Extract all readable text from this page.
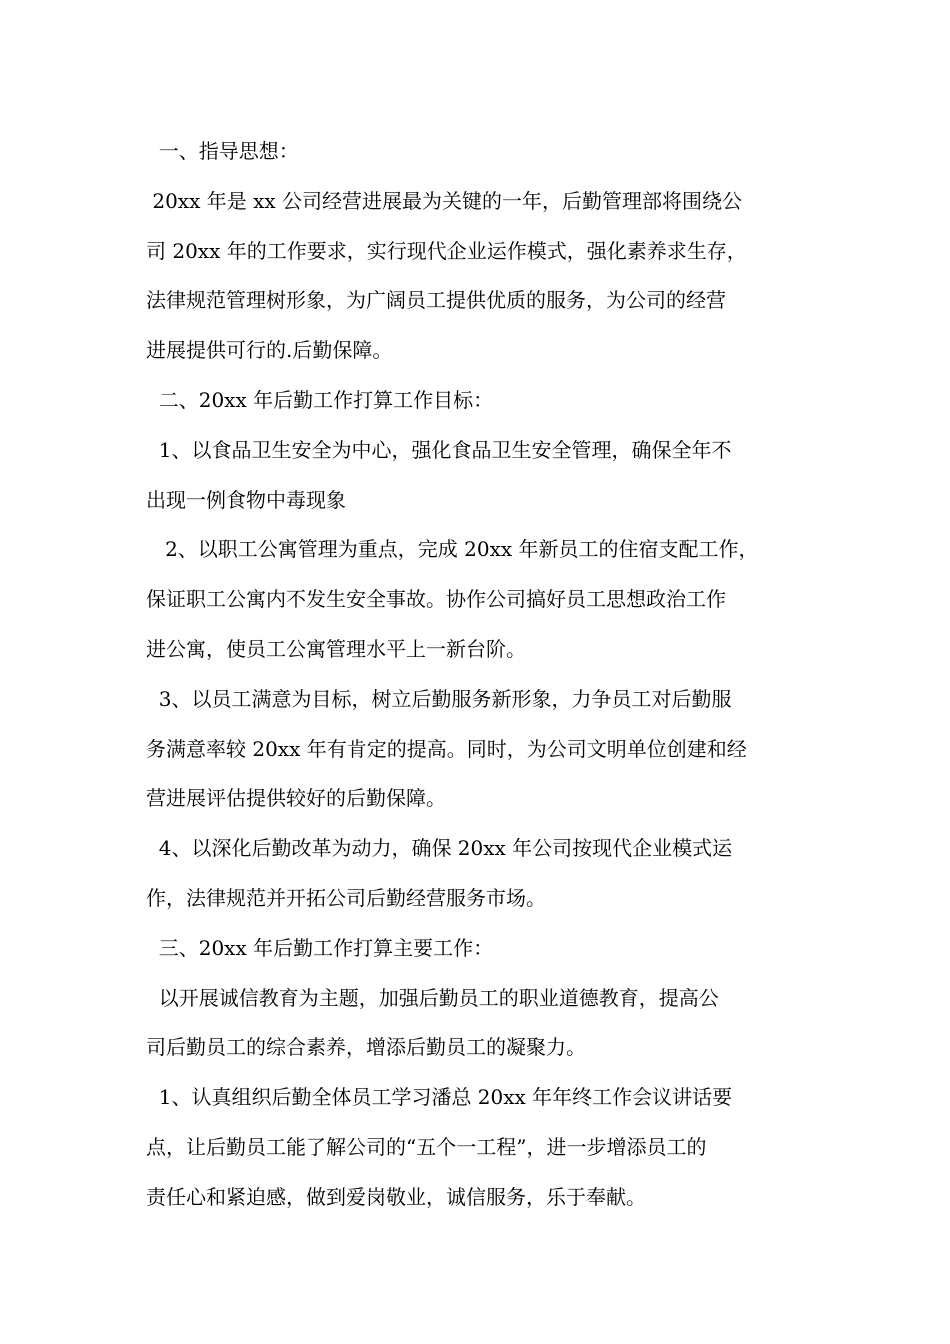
一、指导思想：

20xx 年是 xx 公司经营进展最为关键的一年，后勤管理部将围绕公
司 20xx 年的工作要求，实行现代企业运作模式，强化素养求生存，
法律规范管理树形象，为广阔员工提供优质的服务，为公司的经营
进展提供可行的.后勤保障。

二、20xx 年后勤工作打算工作目标：

1、以食品卫生安全为中心，强化食品卫生安全管理，确保全年不
出现一例食物中毒现象

2、以职工公寓管理为重点，完成 20xx 年新员工的住宿支配工作，
保证职工公寓内不发生安全事故。协作公司搞好员工思想政治工作
进公寓，使员工公寓管理水平上一新台阶。

3、以员工满意为目标，树立后勤服务新形象，力争员工对后勤服
务满意率较 20xx 年有肯定的提高。同时，为公司文明单位创建和经
营进展评估提供较好的后勤保障。

4、以深化后勤改革为动力，确保 20xx 年公司按现代企业模式运
作，法律规范并开拓公司后勤经营服务市场。

三、20xx 年后勤工作打算主要工作：

以开展诚信教育为主题，加强后勤员工的职业道德教育，提高公
司后勤员工的综合素养，增添后勤员工的凝聚力。

1、认真组织后勤全体员工学习潘总 20xx 年年终工作会议讲话要
点，让后勤员工能了解公司的“五个一工程”，进一步增添员工的
责任心和紧迫感，做到爱岗敬业，诚信服务，乐于奉献。
